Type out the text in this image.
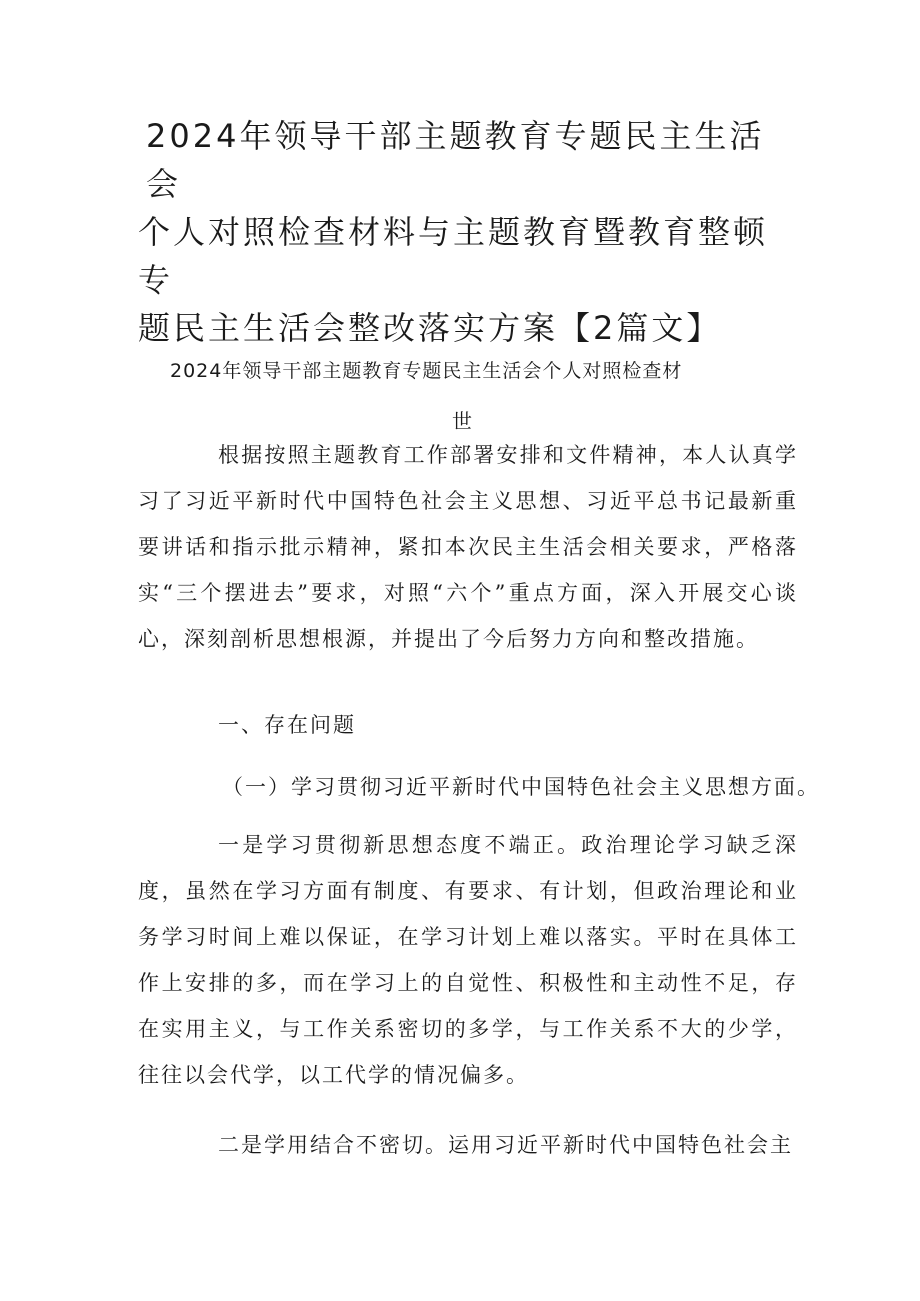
2024年领导干部主题教育专题民主生活会
个人对照检查材料与主题教育暨教育整顿专
题民主生活会整改落实方案【2篇文】

2024年领导干部主题教育专题民主生活会个人对照检查材

世

根据按照主题教育工作部署安排和文件精神，本人认真学习了习近平新时代中国特色社会主义思想、习近平总书记最新重要讲话和指示批示精神，紧扣本次民主生活会相关要求，严格落实“三个摆进去”要求，对照“六个”重点方面，深入开展交心谈心，深刻剖析思想根源，并提出了今后努力方向和整改措施。

一、存在问题

（一）学习贯彻习近平新时代中国特色社会主义思想方面。

一是学习贯彻新思想态度不端正。政治理论学习缺乏深度，虽然在学习方面有制度、有要求、有计划，但政治理论和业务学习时间上难以保证，在学习计划上难以落实。平时在具体工作上安排的多，而在学习上的自觉性、积极性和主动性不足，存在实用主义，与工作关系密切的多学，与工作关系不大的少学，往往以会代学，以工代学的情况偏多。

二是学用结合不密切。运用习近平新时代中国特色社会主
